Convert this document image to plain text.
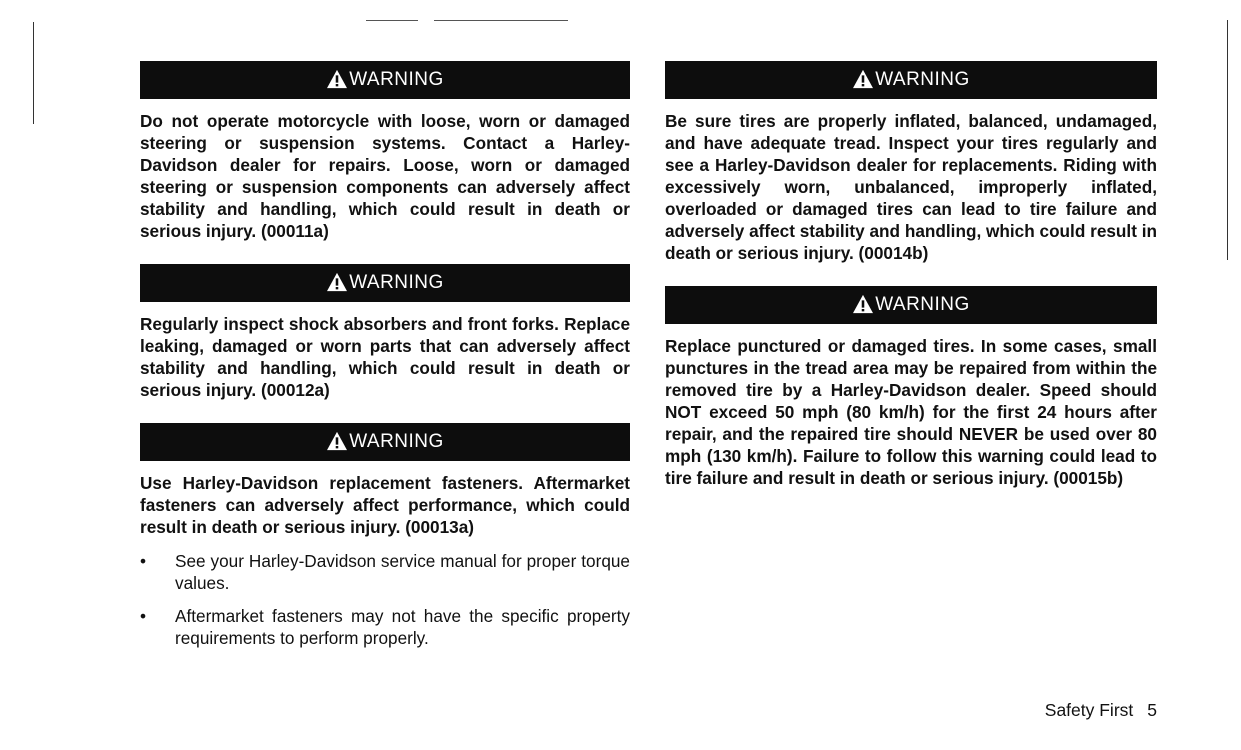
WARNING

Do not operate motorcycle with loose, worn or damaged steering or suspension systems. Contact a Harley-Davidson dealer for repairs. Loose, worn or damaged steering or suspension components can adversely affect stability and handling, which could result in death or serious injury. (00011a)

WARNING

Regularly inspect shock absorbers and front forks. Replace leaking, damaged or worn parts that can adversely affect stability and handling, which could result in death or serious injury. (00012a)

WARNING

Use Harley-Davidson replacement fasteners. Aftermarket fasteners can adversely affect performance, which could result in death or serious injury. (00013a)

• See your Harley-Davidson service manual for proper torque values.
• Aftermarket fasteners may not have the specific property requirements to perform properly.
WARNING

Be sure tires are properly inflated, balanced, undamaged, and have adequate tread. Inspect your tires regularly and see a Harley-Davidson dealer for replacements. Riding with excessively worn, unbalanced, improperly inflated, overloaded or damaged tires can lead to tire failure and adversely affect stability and handling, which could result in death or serious injury. (00014b)

WARNING

Replace punctured or damaged tires. In some cases, small punctures in the tread area may be repaired from within the removed tire by a Harley-Davidson dealer. Speed should NOT exceed 50 mph (80 km/h) for the first 24 hours after repair, and the repaired tire should NEVER be used over 80 mph (130 km/h). Failure to follow this warning could lead to tire failure and result in death or serious injury. (00015b)

Safety First 5
